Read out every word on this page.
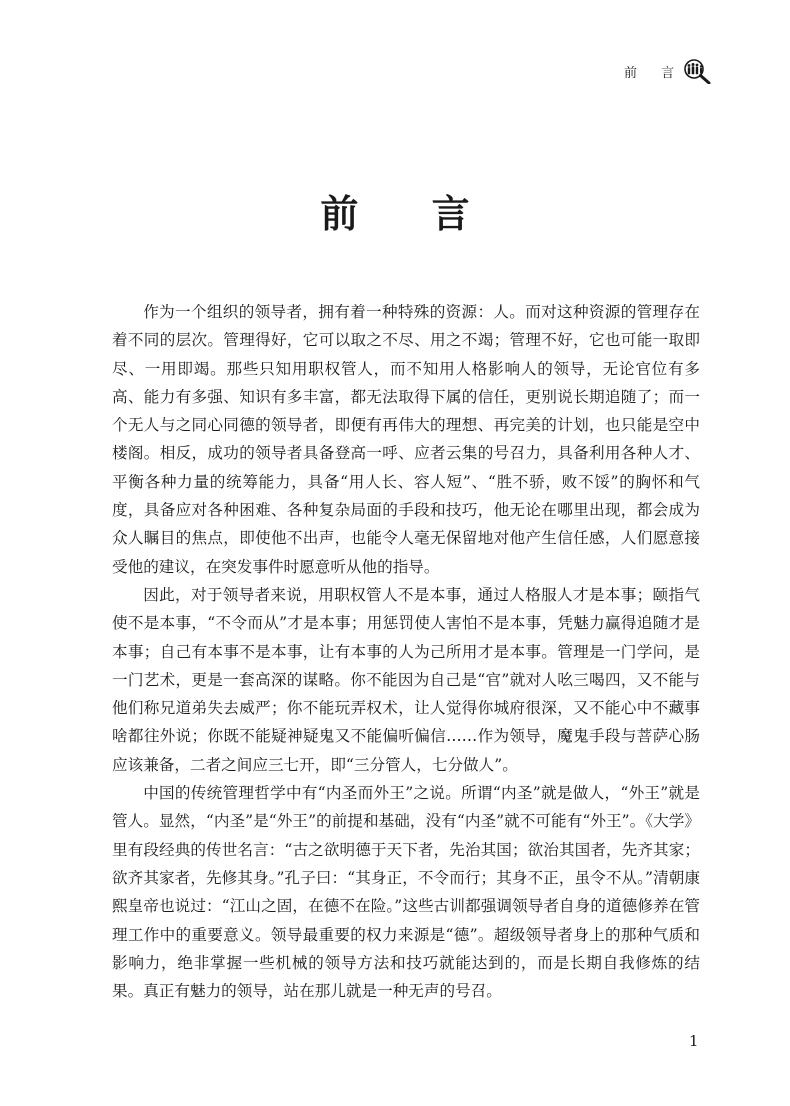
前 言
前 言

作为一个组织的领导者，拥有着一种特殊的资源：人。而对这种资源的管理存在着不同的层次。管理得好，它可以取之不尽、用之不竭；管理不好，它也可能一取即尽、一用即竭。那些只知用职权管人，而不知用人格影响人的领导，无论官位有多高、能力有多强、知识有多丰富，都无法取得下属的信任，更别说长期追随了；而一个无人与之同心同德的领导者，即便有再伟大的理想、再完美的计划，也只能是空中楼阁。相反，成功的领导者具备登高一呼、应者云集的号召力，具备利用各种人才、平衡各种力量的统筹能力，具备“用人长、容人短”、“胜不骄，败不馁”的胸怀和气度，具备应对各种困难、各种复杂局面的手段和技巧，他无论在哪里出现，都会成为众人瞩目的焦点，即使他不出声，也能令人毫无保留地对他产生信任感，人们愿意接受他的建议，在突发事件时愿意听从他的指导。

因此，对于领导者来说，用职权管人不是本事，通过人格服人才是本事；颐指气使不是本事，“不令而从”才是本事；用惩罚使人害怕不是本事，凭魅力赢得追随才是本事；自己有本事不是本事，让有本事的人为己所用才是本事。管理是一门学问，是一门艺术，更是一套高深的谋略。你不能因为自己是“官”就对人吆三喝四，又不能与他们称兄道弟失去威严；你不能玩弄权术，让人觉得你城府很深，又不能心中不藏事啥都往外说；你既不能疑神疑鬼又不能偏听偏信……作为领导，魔鬼手段与菩萨心肠应该兼备，二者之间应三七开，即“三分管人，七分做人”。

中国的传统管理哲学中有“内圣而外王”之说。所谓“内圣”就是做人，“外王”就是管人。显然，“内圣”是“外王”的前提和基础，没有“内圣”就不可能有“外王”。《大学》里有段经典的传世名言：“古之欲明德于天下者，先治其国；欲治其国者，先齐其家；欲齐其家者，先修其身。”孔子曰：“其身正，不令而行；其身不正，虽令不从。”清朝康熙皇帝也说过：“江山之固，在德不在险。”这些古训都强调领导者自身的道德修养在管理工作中的重要意义。领导最重要的权力来源是“德”。超级领导者身上的那种气质和影响力，绝非掌握一些机械的领导方法和技巧就能达到的，而是长期自我修炼的结果。真正有魅力的领导，站在那儿就是一种无声的号召。

1
